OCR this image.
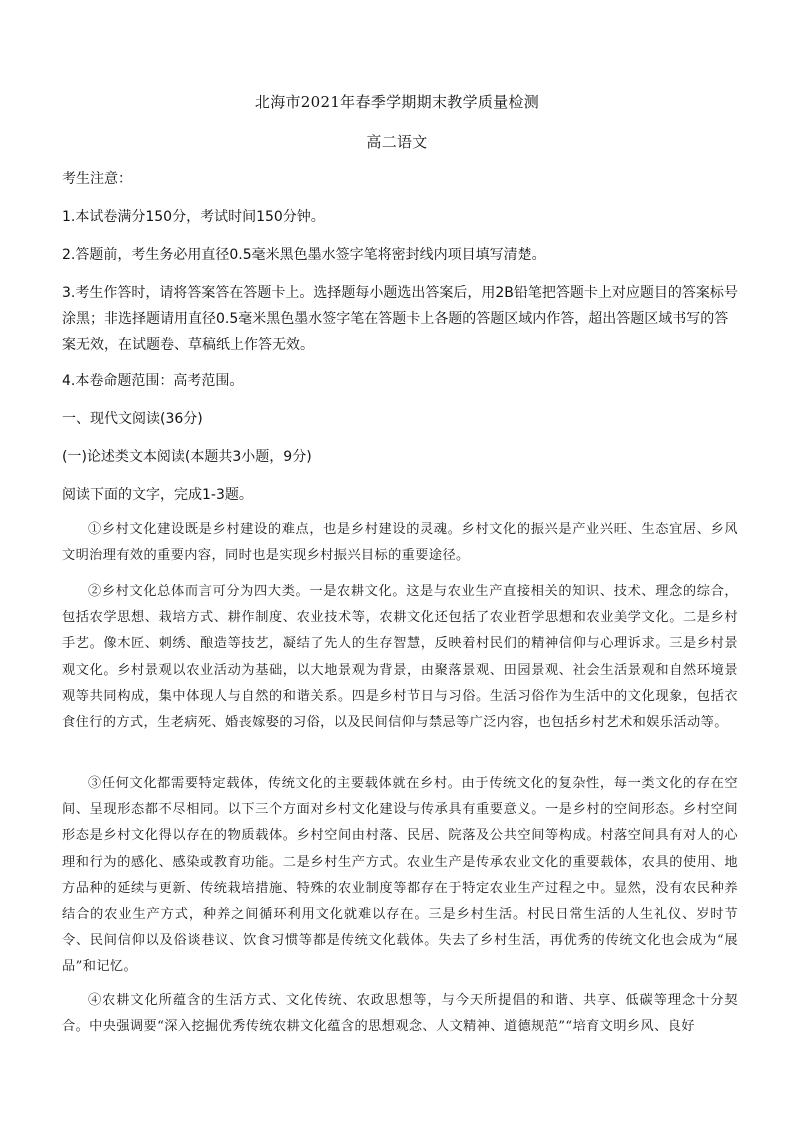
北海市2021年春季学期期末教学质量检测
高二语文
考生注意：
1.本试卷满分150分，考试时间150分钟。
2.答题前，考生务必用直径0.5毫米黑色墨水签字笔将密封线内项目填写清楚。
3.考生作答时，请将答案答在答题卡上。选择题每小题选出答案后，用2B铅笔把答题卡上对应题目的答案标号涂黑；非选择题请用直径0.5毫米黑色墨水签字笔在答题卡上各题的答题区域内作答，超出答题区域书写的答案无效，在试题卷、草稿纸上作答无效。
4.本卷命题范围：高考范围。
一、现代文阅读(36分)
(一)论述类文本阅读(本题共3小题，9分)
阅读下面的文字，完成1-3题。
①乡村文化建设既是乡村建设的难点，也是乡村建设的灵魂。乡村文化的振兴是产业兴旺、生态宜居、乡风文明治理有效的重要内容，同时也是实现乡村振兴目标的重要途径。
②乡村文化总体而言可分为四大类。一是农耕文化。这是与农业生产直接相关的知识、技术、理念的综合，包括农学思想、栽培方式、耕作制度、农业技术等，农耕文化还包括了农业哲学思想和农业美学文化。二是乡村手艺。像木匠、刺绣、酿造等技艺，凝结了先人的生存智慧，反映着村民们的精神信仰与心理诉求。三是乡村景观文化。乡村景观以农业活动为基础，以大地景观为背景，由聚落景观、田园景观、社会生活景观和自然环境景观等共同构成，集中体现人与自然的和谐关系。四是乡村节日与习俗。生活习俗作为生活中的文化现象，包括衣食住行的方式，生老病死、婚丧嫁娶的习俗，以及民间信仰与禁忌等广泛内容，也包括乡村艺术和娱乐活动等。
③任何文化都需要特定载体，传统文化的主要载体就在乡村。由于传统文化的复杂性，每一类文化的存在空间、呈现形态都不尽相同。以下三个方面对乡村文化建设与传承具有重要意义。一是乡村的空间形态。乡村空间形态是乡村文化得以存在的物质载体。乡村空间由村落、民居、院落及公共空间等构成。村落空间具有对人的心理和行为的感化、感染或教育功能。二是乡村生产方式。农业生产是传承农业文化的重要载体，农具的使用、地方品种的延续与更新、传统栽培措施、特殊的农业制度等都存在于特定农业生产过程之中。显然，没有农民种养结合的农业生产方式，种养之间循环利用文化就难以存在。三是乡村生活。村民日常生活的人生礼仪、岁时节令、民间信仰以及俗谈巷议、饮食习惯等都是传统文化载体。失去了乡村生活，再优秀的传统文化也会成为“展品”和记忆。
④农耕文化所蕴含的生活方式、文化传统、农政思想等，与今天所提倡的和谐、共享、低碳等理念十分契合。中央强调要“深入挖掘优秀传统农耕文化蕴含的思想观念、人文精神、道德规范”“培育文明乡风、良好
